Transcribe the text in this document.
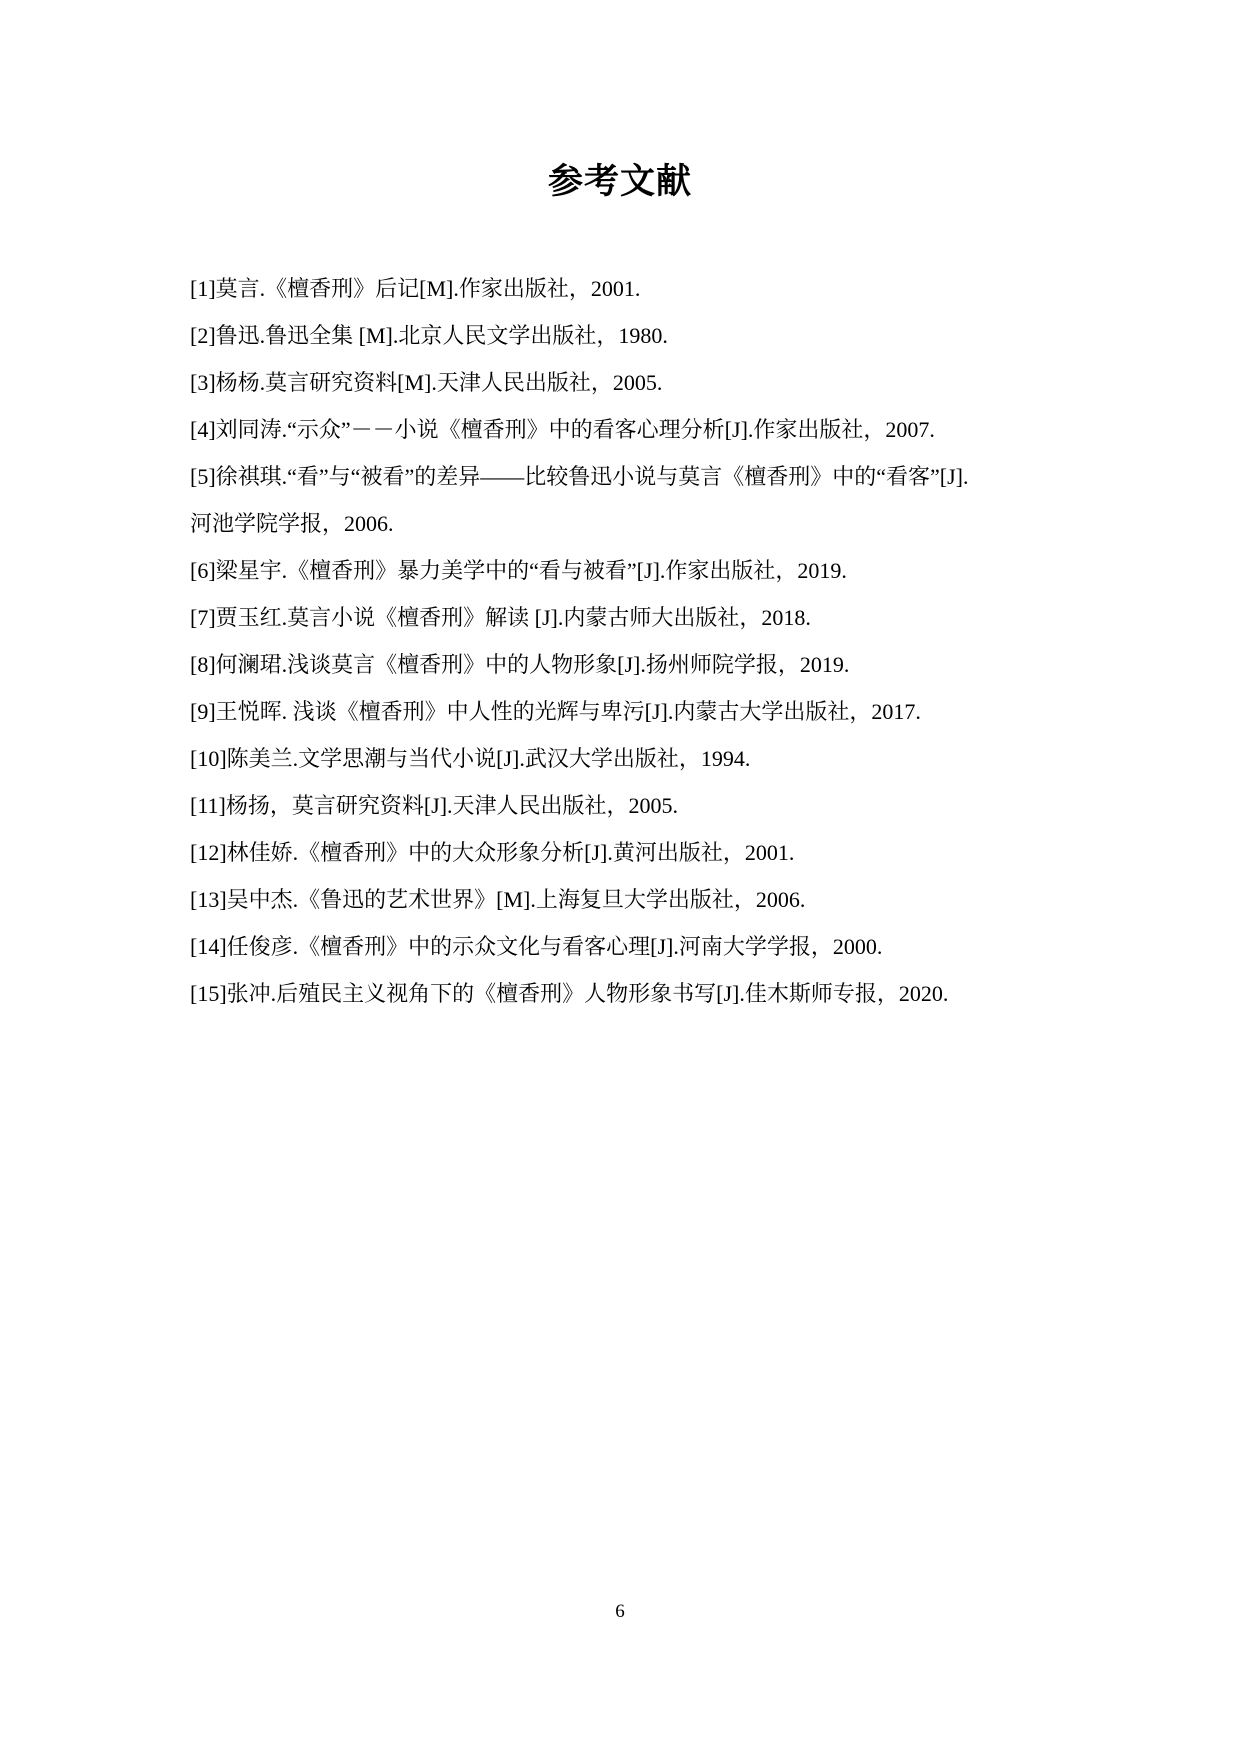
参考文献
[1]莫言.《檀香刑》后记[M].作家出版社，2001.
[2]鲁迅.鲁迅全集 [M].北京人民文学出版社，1980.
[3]杨杨.莫言研究资料[M].天津人民出版社，2005.
[4]刘同涛.“示众”－－小说《檀香刑》中的看客心理分析[J].作家出版社，2007.
[5]徐祺琪.“看”与“被看”的差异——比较鲁迅小说与莫言《檀香刑》中的“看客”[J].
河池学院学报，2006.
[6]梁星宇.《檀香刑》暴力美学中的“看与被看”[J].作家出版社，2019.
[7]贾玉红.莫言小说《檀香刑》解读 [J].内蒙古师大出版社，2018.
[8]何澜珺.浅谈莫言《檀香刑》中的人物形象[J].扬州师院学报，2019.
[9]王悦晖. 浅谈《檀香刑》中人性的光辉与卑污[J].内蒙古大学出版社，2017.
[10]陈美兰.文学思潮与当代小说[J].武汉大学出版社，1994.
[11]杨扬，莫言研究资料[J].天津人民出版社，2005.
[12]林佳娇.《檀香刑》中的大众形象分析[J].黄河出版社，2001.
[13]吴中杰.《鲁迅的艺术世界》[M].上海复旦大学出版社，2006.
[14]任俊彦.《檀香刑》中的示众文化与看客心理[J].河南大学学报，2000.
[15]张冲.后殖民主义视角下的《檀香刑》人物形象书写[J].佳木斯师专报，2020.
6
